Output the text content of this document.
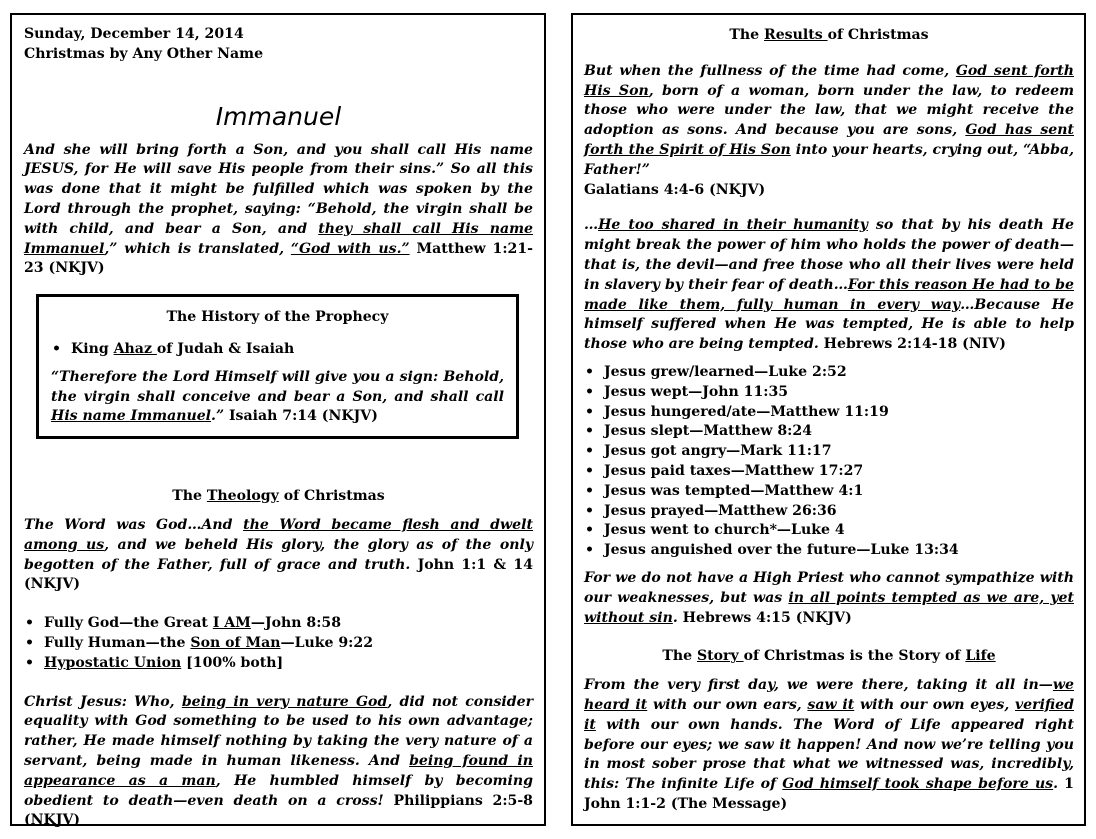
Sunday, December 14, 2014

Christmas by Any Other Name

Immanuel

And she will bring forth a Son, and you shall call His name JESUS, for He will save His people from their sins.” So all this was done that it might be fulfilled which was spoken by the Lord through the prophet, saying: “Behold, the virgin shall be with child, and bear a Son, and they shall call His name Immanuel,” which is translated, “God with us.” Matthew 1:21-23 (NKJV)

The History of the Prophecy

• King Ahaz of Judah & Isaiah

“Therefore the Lord Himself will give you a sign: Behold, the virgin shall conceive and bear a Son, and shall call His name Immanuel.” Isaiah 7:14 (NKJV)

The Theology of Christmas

The Word was God…And the Word became flesh and dwelt among us, and we beheld His glory, the glory as of the only begotten of the Father, full of grace and truth. John 1:1 & 14 (NKJV)

• Fully God—the Great I AM—John 8:58
• Fully Human—the Son of Man—Luke 9:22
• Hypostatic Union [100% both]

Christ Jesus: Who, being in very nature God, did not consider equality with God something to be used to his own advantage; rather, He made himself nothing by taking the very nature of a servant, being made in human likeness. And being found in appearance as a man, He humbled himself by becoming obedient to death—even death on a cross! Philippians 2:5-8 (NKJV)

The Results of Christmas

But when the fullness of the time had come, God sent forth His Son, born of a woman, born under the law, to redeem those who were under the law, that we might receive the adoption as sons. And because you are sons, God has sent forth the Spirit of His Son into your hearts, crying out, “Abba, Father!”

Galatians 4:4-6 (NKJV)

…He too shared in their humanity so that by his death He might break the power of him who holds the power of death—that is, the devil—and free those who all their lives were held in slavery by their fear of death…For this reason He had to be made like them, fully human in every way…Because He himself suffered when He was tempted, He is able to help those who are being tempted. Hebrews 2:14-18 (NIV)

• Jesus grew/learned—Luke 2:52
• Jesus wept—John 11:35
• Jesus hungered/ate—Matthew 11:19
• Jesus slept—Matthew 8:24
• Jesus got angry—Mark 11:17
• Jesus paid taxes—Matthew 17:27
• Jesus was tempted—Matthew 4:1
• Jesus prayed—Matthew 26:36
• Jesus went to church*—Luke 4
• Jesus anguished over the future—Luke 13:34

For we do not have a High Priest who cannot sympathize with our weaknesses, but was in all points tempted as we are, yet without sin. Hebrews 4:15 (NKJV)

The Story of Christmas is the Story of Life

From the very first day, we were there, taking it all in—we heard it with our own ears, saw it with our own eyes, verified it with our own hands. The Word of Life appeared right before our eyes; we saw it happen! And now we’re telling you in most sober prose that what we witnessed was, incredibly, this: The infinite Life of God himself took shape before us. 1 John 1:1-2 (The Message)
